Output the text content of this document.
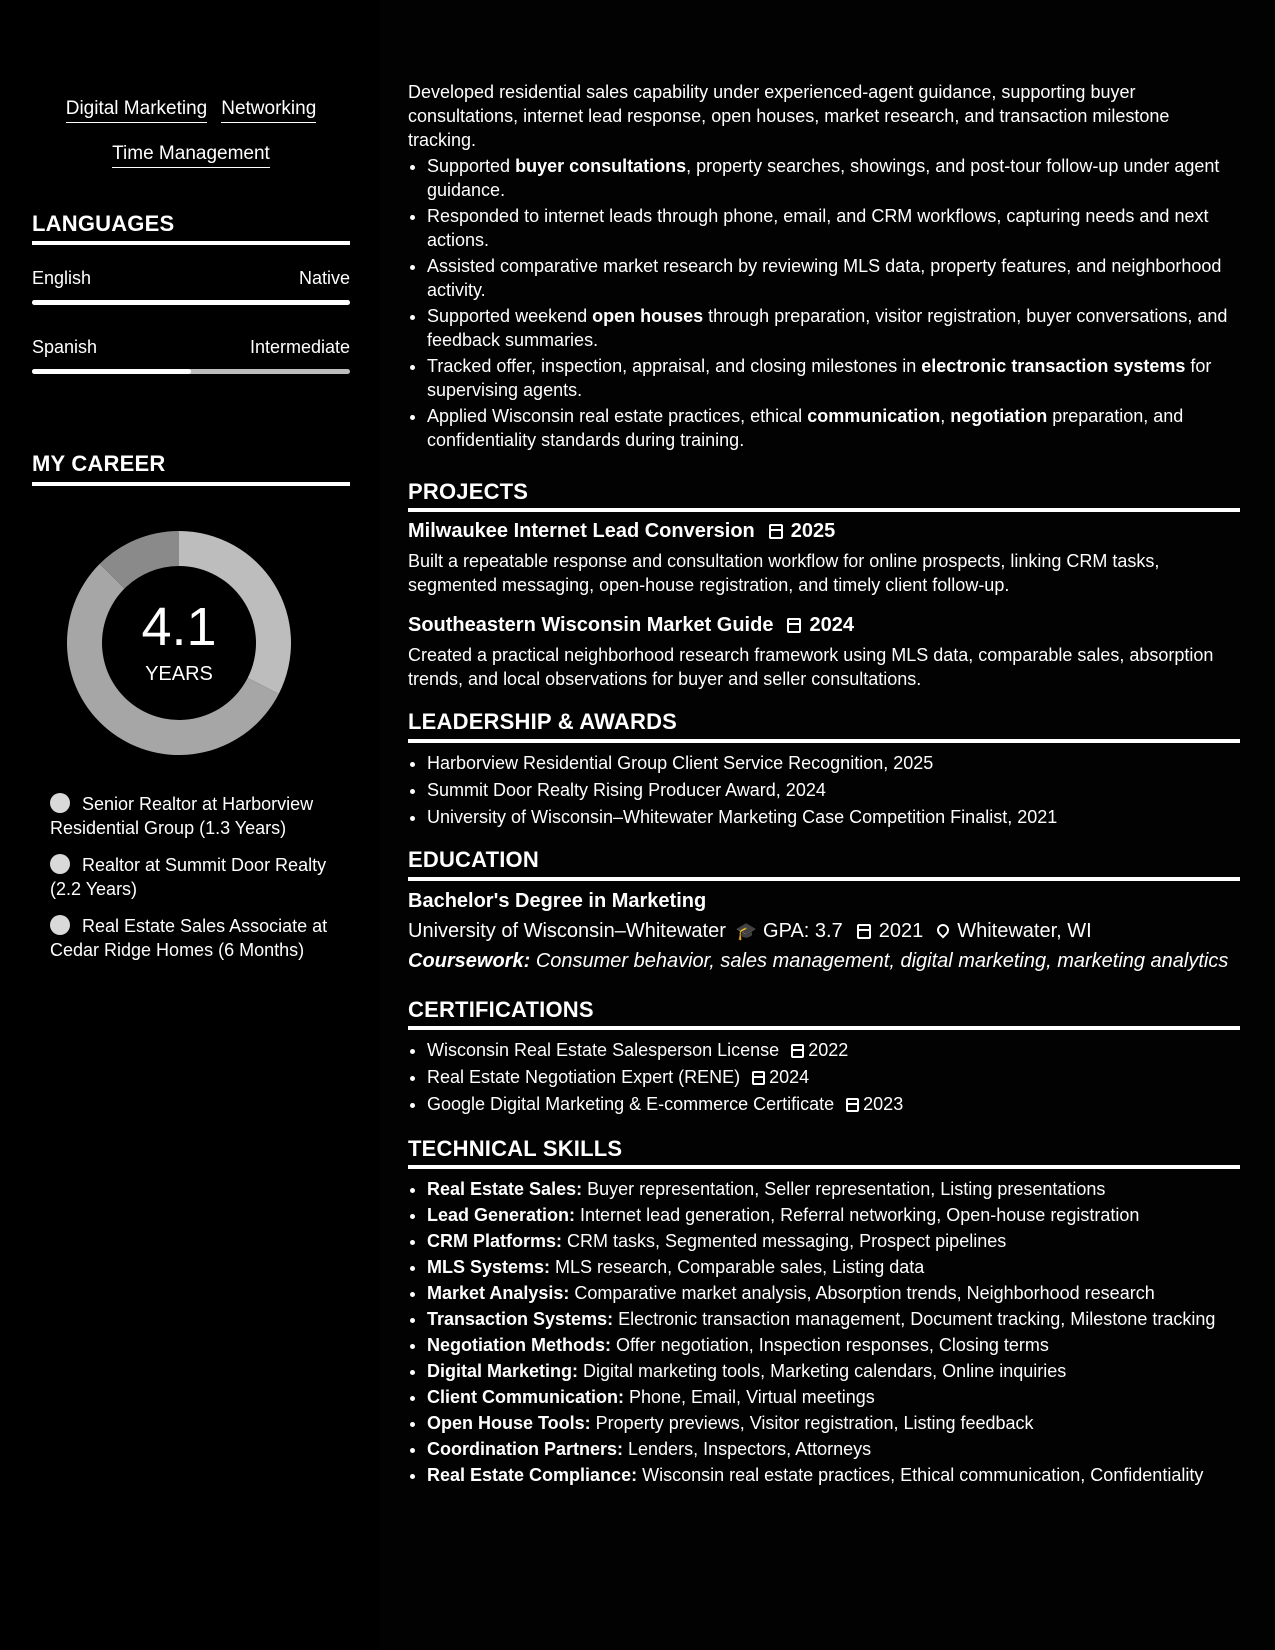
Digital Marketing Networking
Time Management
LANGUAGES
English	Native
Spanish	Intermediate
MY CAREER
4.1
YEARS
Senior Realtor at Harborview Residential Group (1.3 Years)
Realtor at Summit Door Realty (2.2 Years)
Real Estate Sales Associate at Cedar Ridge Homes (6 Months)
Developed residential sales capability under experienced-agent guidance, supporting buyer consultations, internet lead response, open houses, market research, and transaction milestone tracking.
• Supported buyer consultations, property searches, showings, and post-tour follow-up under agent guidance.
• Responded to internet leads through phone, email, and CRM workflows, capturing needs and next actions.
• Assisted comparative market research by reviewing MLS data, property features, and neighborhood activity.
• Supported weekend open houses through preparation, visitor registration, buyer conversations, and feedback summaries.
• Tracked offer, inspection, appraisal, and closing milestones in electronic transaction systems for supervising agents.
• Applied Wisconsin real estate practices, ethical communication, negotiation preparation, and confidentiality standards during training.
PROJECTS
Milwaukee Internet Lead Conversion 2025
Built a repeatable response and consultation workflow for online prospects, linking CRM tasks, segmented messaging, open-house registration, and timely client follow-up.
Southeastern Wisconsin Market Guide 2024
Created a practical neighborhood research framework using MLS data, comparable sales, absorption trends, and local observations for buyer and seller consultations.
LEADERSHIP & AWARDS
• Harborview Residential Group Client Service Recognition, 2025
• Summit Door Realty Rising Producer Award, 2024
• University of Wisconsin–Whitewater Marketing Case Competition Finalist, 2021
EDUCATION
Bachelor's Degree in Marketing
University of Wisconsin–Whitewater 🎓 GPA: 3.7 2021 Whitewater, WI
Coursework: Consumer behavior, sales management, digital marketing, marketing analytics
CERTIFICATIONS
• Wisconsin Real Estate Salesperson License 2022
• Real Estate Negotiation Expert (RENE) 2024
• Google Digital Marketing & E-commerce Certificate 2023
TECHNICAL SKILLS
• Real Estate Sales: Buyer representation, Seller representation, Listing presentations
• Lead Generation: Internet lead generation, Referral networking, Open-house registration
• CRM Platforms: CRM tasks, Segmented messaging, Prospect pipelines
• MLS Systems: MLS research, Comparable sales, Listing data
• Market Analysis: Comparative market analysis, Absorption trends, Neighborhood research
• Transaction Systems: Electronic transaction management, Document tracking, Milestone tracking
• Negotiation Methods: Offer negotiation, Inspection responses, Closing terms
• Digital Marketing: Digital marketing tools, Marketing calendars, Online inquiries
• Client Communication: Phone, Email, Virtual meetings
• Open House Tools: Property previews, Visitor registration, Listing feedback
• Coordination Partners: Lenders, Inspectors, Attorneys
• Real Estate Compliance: Wisconsin real estate practices, Ethical communication, Confidentiality
